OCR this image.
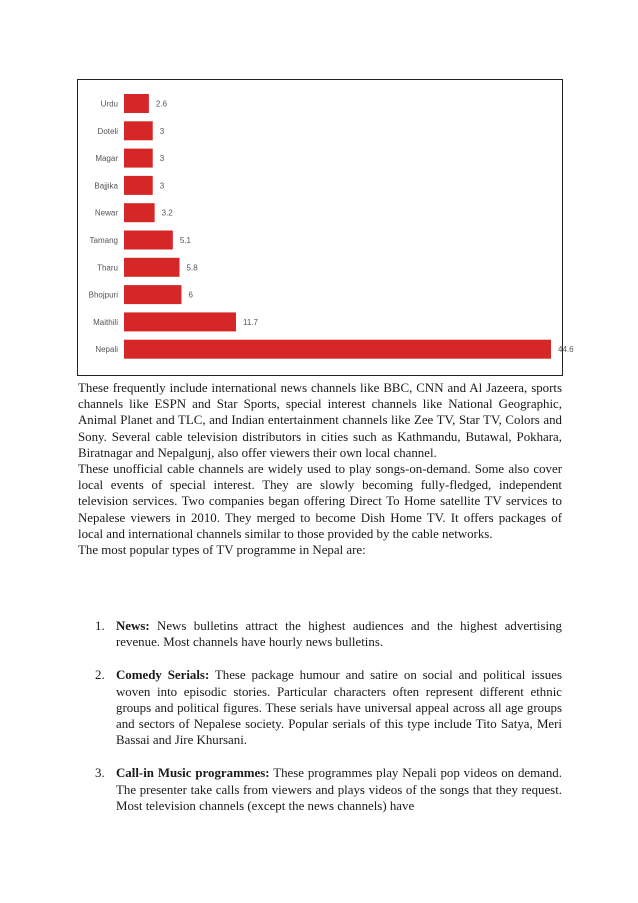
Urdu	2.6
Doteli	3
Magar	3
Bajjika	3
Newar	3.2
Tamang	5.1
Tharu	5.8
Bhojpuri	6
Maithili	11.7
Nepali	44.6

These frequently include international news channels like BBC, CNN and Al Jazeera, sports channels like ESPN and Star Sports, special interest channels like National Geographic, Animal Planet and TLC, and Indian entertainment channels like Zee TV, Star TV, Colors and Sony. Several cable television distributors in cities such as Kathmandu, Butawal, Pokhara, Biratnagar and Nepalgunj, also offer viewers their own local channel.

These unofficial cable channels are widely used to play songs-on-demand. Some also cover local events of special interest. They are slowly becoming fully-fledged, independent television services. Two companies began offering Direct To Home satellite TV services to Nepalese viewers in 2010. They merged to become Dish Home TV. It offers packages of local and international channels similar to those provided by the cable networks.

The most popular types of TV programme in Nepal are:

1. News: News bulletins attract the highest audiences and the highest advertising revenue. Most channels have hourly news bulletins.
2. Comedy Serials: These package humour and satire on social and political issues woven into episodic stories. Particular characters often represent different ethnic groups and political figures. These serials have universal appeal across all age groups and sectors of Nepalese society. Popular serials of this type include Tito Satya, Meri Bassai and Jire Khursani.
3. Call-in Music programmes: These programmes play Nepali pop videos on demand. The presenter take calls from viewers and plays videos of the songs that they request. Most television channels (except the news channels) have
